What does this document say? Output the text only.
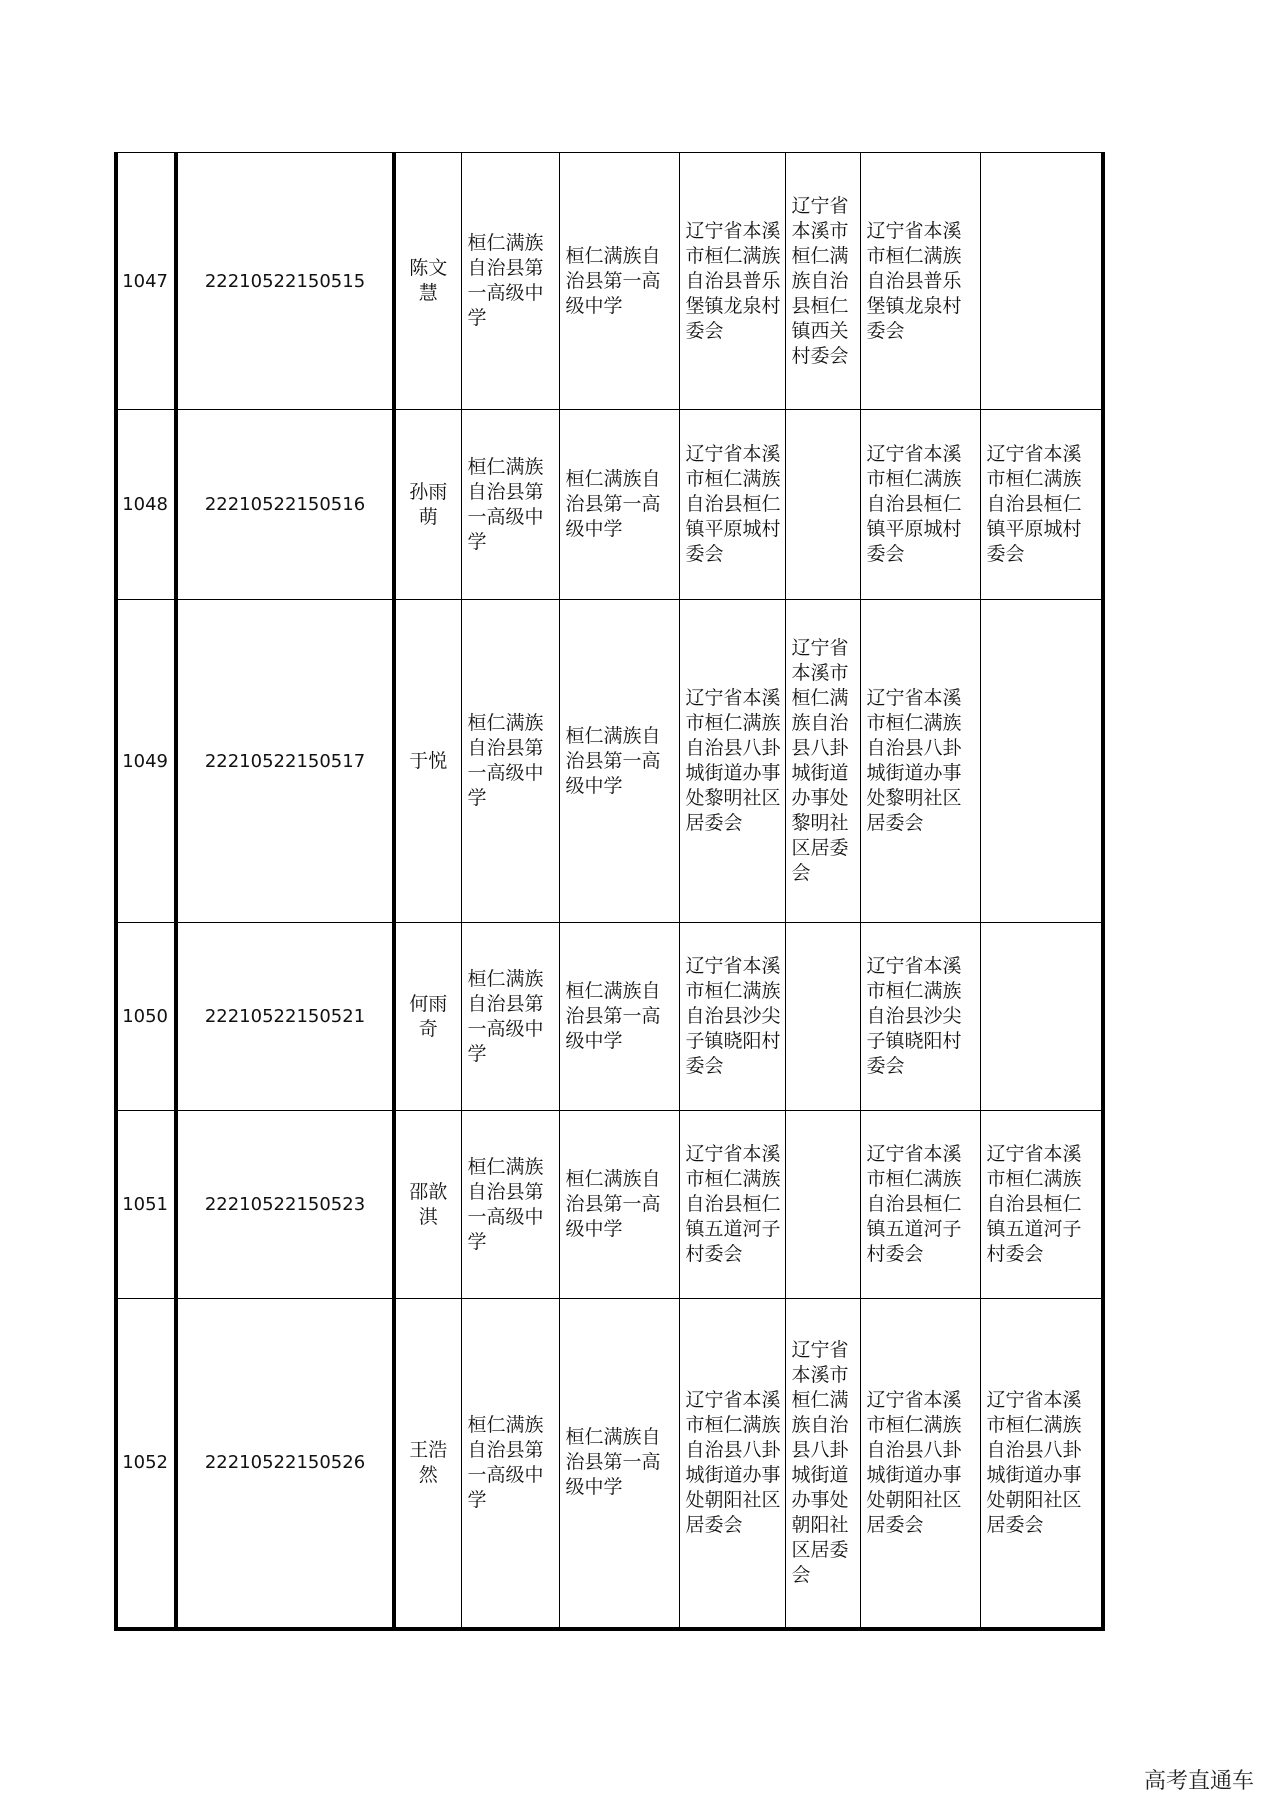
1047	22210522150515	陈文慧	桓仁满族自治县第一高级中学	桓仁满族自治县第一高级中学	辽宁省本溪市桓仁满族自治县普乐堡镇龙泉村委会	辽宁省本溪市桓仁满族自治县桓仁镇西关村委会	辽宁省本溪市桓仁满族自治县普乐堡镇龙泉村委会	
1048	22210522150516	孙雨萌	桓仁满族自治县第一高级中学	桓仁满族自治县第一高级中学	辽宁省本溪市桓仁满族自治县桓仁镇平原城村委会		辽宁省本溪市桓仁满族自治县桓仁镇平原城村委会	辽宁省本溪市桓仁满族自治县桓仁镇平原城村委会
1049	22210522150517	于悦	桓仁满族自治县第一高级中学	桓仁满族自治县第一高级中学	辽宁省本溪市桓仁满族自治县八卦城街道办事处黎明社区居委会	辽宁省本溪市桓仁满族自治县八卦城街道办事处黎明社区居委会	辽宁省本溪市桓仁满族自治县八卦城街道办事处黎明社区居委会	
1050	22210522150521	何雨奇	桓仁满族自治县第一高级中学	桓仁满族自治县第一高级中学	辽宁省本溪市桓仁满族自治县沙尖子镇晓阳村委会		辽宁省本溪市桓仁满族自治县沙尖子镇晓阳村委会	
1051	22210522150523	邵歆淇	桓仁满族自治县第一高级中学	桓仁满族自治县第一高级中学	辽宁省本溪市桓仁满族自治县桓仁镇五道河子村委会		辽宁省本溪市桓仁满族自治县桓仁镇五道河子村委会	辽宁省本溪市桓仁满族自治县桓仁镇五道河子村委会
1052	22210522150526	王浩然	桓仁满族自治县第一高级中学	桓仁满族自治县第一高级中学	辽宁省本溪市桓仁满族自治县八卦城街道办事处朝阳社区居委会	辽宁省本溪市桓仁满族自治县八卦城街道办事处朝阳社区居委会	辽宁省本溪市桓仁满族自治县八卦城街道办事处朝阳社区居委会	辽宁省本溪市桓仁满族自治县八卦城街道办事处朝阳社区居委会
高考直通车
